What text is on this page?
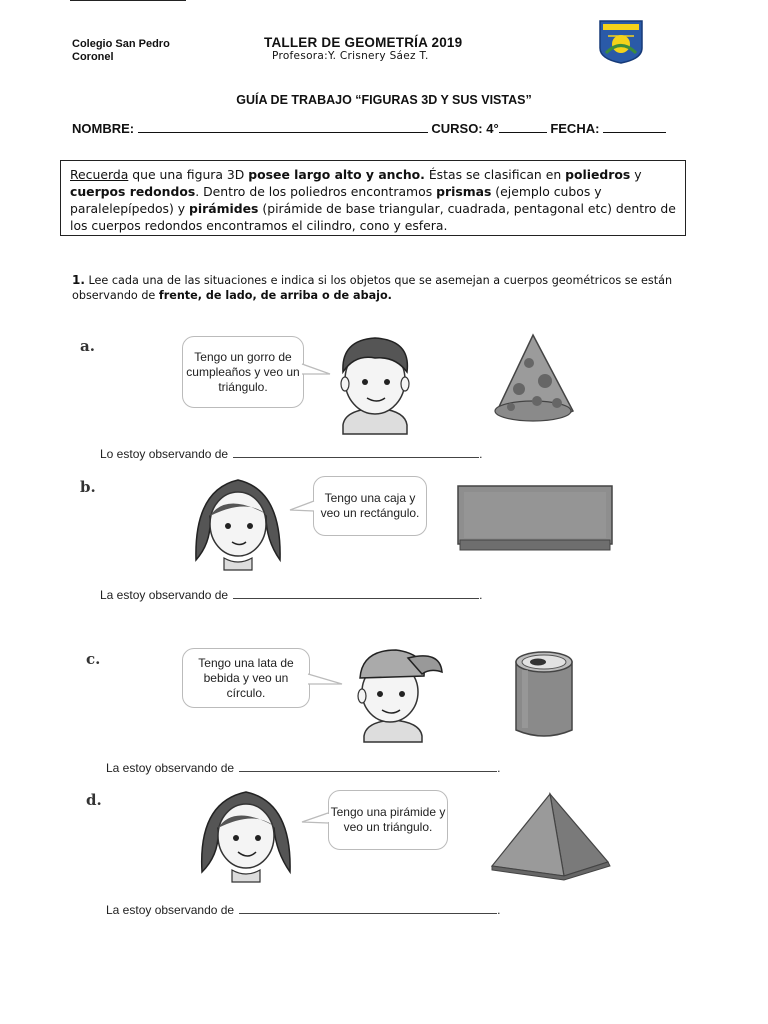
Colegio San Pedro
Coronel
TALLER DE GEOMETRÍA 2019
Profesora:Y. Crisnery Sáez T.
GUÍA DE TRABAJO “FIGURAS 3D Y SUS VISTAS”
NOMBRE:	CURSO: 4°	FECHA:

Recuerda que una figura 3D posee largo alto y ancho. Éstas se clasifican en poliedros y cuerpos redondos. Dentro de los poliedros encontramos prismas (ejemplo cubos y paralelepípedos) y pirámides (pirámide de base triangular, cuadrada, pentagonal etc) dentro de los cuerpos redondos encontramos el cilindro, cono y esfera.

1. Lee cada una de las situaciones e indica si los objetos que se asemejan a cuerpos geométricos se están observando de frente, de lado, de arriba o de abajo.
a.
Tengo un gorro de cumpleaños y veo un triángulo.
Lo estoy observando de	.
b.
Tengo una caja y veo un rectángulo.
La estoy observando de	.
c.	Tengo una lata de bebida y veo un círculo.
La estoy observando de	.
d.
Tengo una pirámide y veo un triángulo.
La estoy observando de	.
